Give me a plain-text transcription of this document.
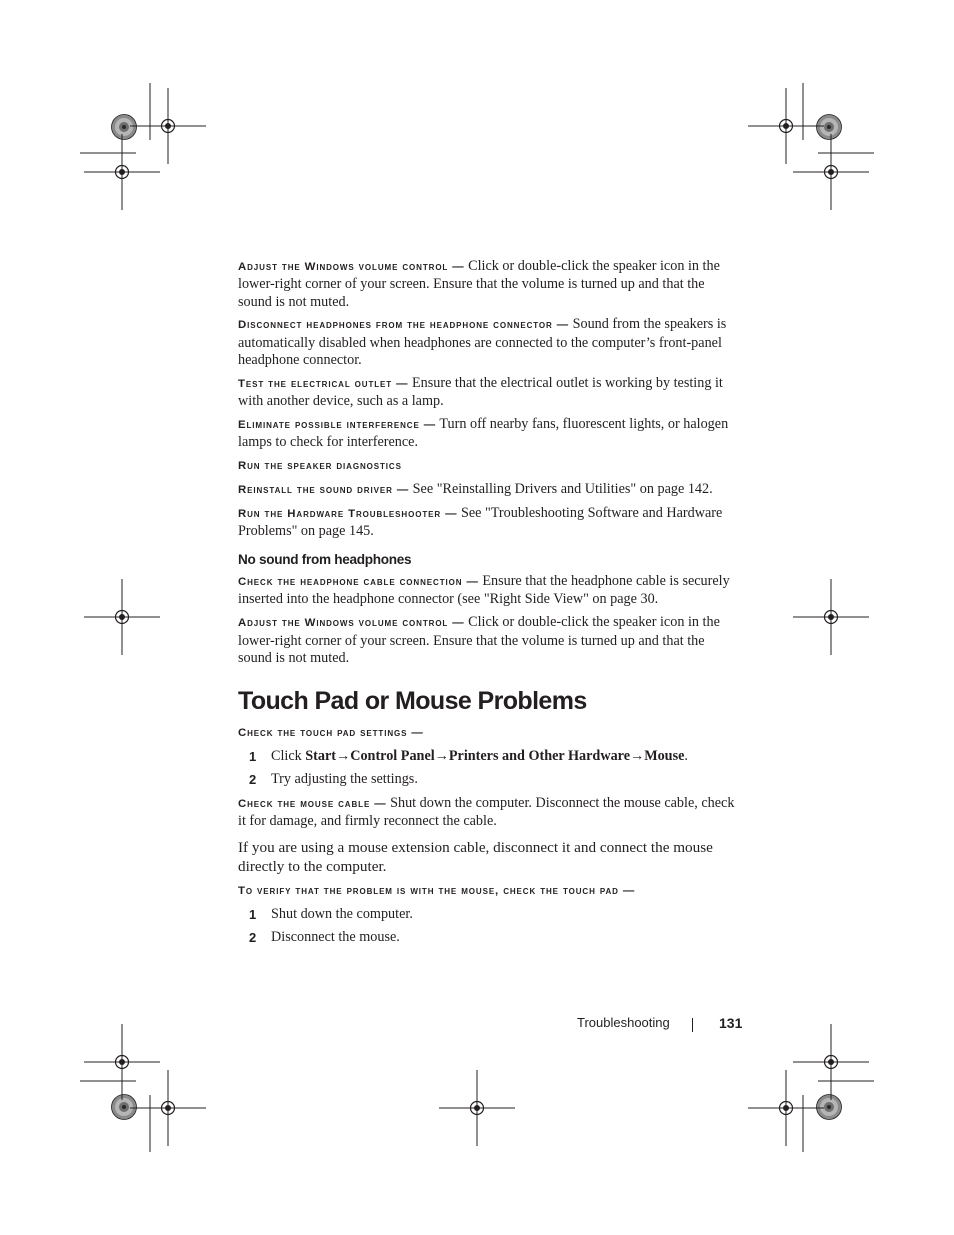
Adjust the Windows volume control — Click or double-click the speaker icon in the lower-right corner of your screen. Ensure that the volume is turned up and that the sound is not muted.

Disconnect headphones from the headphone connector — Sound from the speakers is automatically disabled when headphones are connected to the computer’s front-panel headphone connector.

Test the electrical outlet — Ensure that the electrical outlet is working by testing it with another device, such as a lamp.

Eliminate possible interference — Turn off nearby fans, fluorescent lights, or halogen lamps to check for interference.

Run the speaker diagnostics

Reinstall the sound driver — See "Reinstalling Drivers and Utilities" on page 142.

Run the Hardware Troubleshooter — See "Troubleshooting Software and Hardware Problems" on page 145.

No sound from headphones

Check the headphone cable connection — Ensure that the headphone cable is securely inserted into the headphone connector (see "Right Side View" on page 30.

Adjust the Windows volume control — Click or double-click the speaker icon in the lower-right corner of your screen. Ensure that the volume is turned up and that the sound is not muted.

Touch Pad or Mouse Problems

Check the touch pad settings —

1	Click Start→Control Panel→Printers and Other Hardware→Mouse.
2	Try adjusting the settings.

Check the mouse cable — Shut down the computer. Disconnect the mouse cable, check it for damage, and firmly reconnect the cable.

If you are using a mouse extension cable, disconnect it and connect the mouse directly to the computer.

To verify that the problem is with the mouse, check the touch pad —

1	Shut down the computer.
2	Disconnect the mouse.
Troubleshooting	131
